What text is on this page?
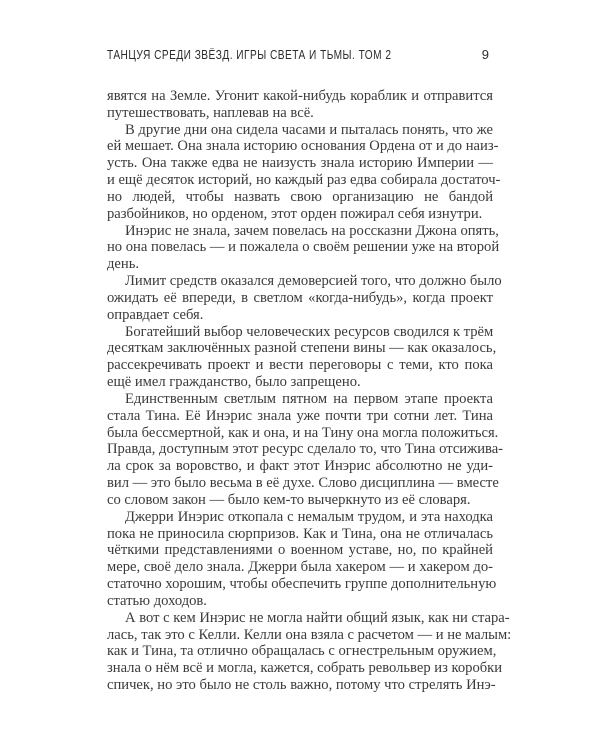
ТАНЦУЯ СРЕДИ ЗВЁЗД. ИГРЫ СВЕТА И ТЬМЫ. ТОМ 2	9
явятся на Земле. Угонит какой-нибудь кораблик и отправится
путешествовать, наплевав на всё.
В другие дни она сидела часами и пыталась понять, что же
ей мешает. Она знала историю основания Ордена от и до наиз-
усть. Она также едва не наизусть знала историю Империи —
и ещё десяток историй, но каждый раз едва собирала достаточ-
но людей, чтобы назвать свою организацию не бандой
разбойников, но орденом, этот орден пожирал себя изнутри.
Инэрис не знала, зачем повелась на россказни Джона опять,
но она повелась — и пожалела о своём решении уже на второй
день.
Лимит средств оказался демоверсией того, что должно было
ожидать её впереди, в светлом «когда-нибудь», когда проект
оправдает себя.
Богатейший выбор человеческих ресурсов сводился к трём
десяткам заключённых разной степени вины — как оказалось,
рассекречивать проект и вести переговоры с теми, кто пока
ещё имел гражданство, было запрещено.
Единственным светлым пятном на первом этапе проекта
стала Тина. Её Инэрис знала уже почти три сотни лет. Тина
была бессмертной, как и она, и на Тину она могла положиться.
Правда, доступным этот ресурс сделало то, что Тина отсижива-
ла срок за воровство, и факт этот Инэрис абсолютно не уди-
вил — это было весьма в её духе. Слово дисциплина — вместе
со словом закон — было кем-то вычеркнуто из её словаря.
Джерри Инэрис откопала с немалым трудом, и эта находка
пока не приносила сюрпризов. Как и Тина, она не отличалась
чёткими представлениями о военном уставе, но, по крайней
мере, своё дело знала. Джерри была хакером — и хакером до-
статочно хорошим, чтобы обеспечить группе дополнительную
статью доходов.
А вот с кем Инэрис не могла найти общий язык, как ни стара-
лась, так это с Келли. Келли она взяла с расчетом — и не малым:
как и Тина, та отлично обращалась с огнестрельным оружием,
знала о нём всё и могла, кажется, собрать револьвер из коробки
спичек, но это было не столь важно, потому что стрелять Инэ-
